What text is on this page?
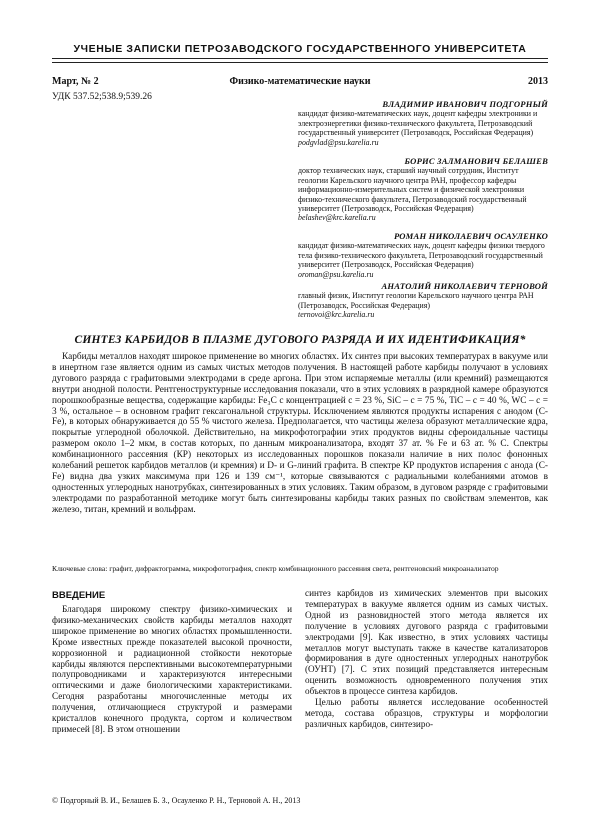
УЧЕНЫЕ ЗАПИСКИ ПЕТРОЗАВОДСКОГО ГОСУДАРСТВЕННОГО УНИВЕРСИТЕТА
Март, № 2	Физико-математические науки	2013
УДК 537.52;538.9;539.26
ВЛАДИМИР ИВАНОВИЧ ПОДГОРНЫЙ
кандидат физико-математических наук, доцент кафедры электроники и электроэнергетики физико-технического факультета, Петрозаводский государственный университет (Петрозаводск, Российская Федерация)
podgvlad@psu.karelia.ru
БОРИС ЗАЛМАНОВИЧ БЕЛАШЕВ
доктор технических наук, старший научный сотрудник, Институт геологии Карельского научного центра РАН, профессор кафедры информационно-измерительных систем и физической электроники физико-технического факультета, Петрозаводский государственный университет (Петрозаводск, Российская Федерация)
belashev@krc.karelia.ru
РОМАН НИКОЛАЕВИЧ ОСАУЛЕНКО
кандидат физико-математических наук, доцент кафедры физики твердого тела физико-технического факультета, Петрозаводский государственный университет (Петрозаводск, Российская Федерация)
oroman@psu.karelia.ru
АНАТОЛИЙ НИКОЛАЕВИЧ ТЕРНОВОЙ
главный физик, Институт геологии Карельского научного центра РАН (Петрозаводск, Российская Федерация)
ternovoi@krc.karelia.ru
СИНТЕЗ КАРБИДОВ В ПЛАЗМЕ ДУГОВОГО РАЗРЯДА И ИХ ИДЕНТИФИКАЦИЯ*
Карбиды металлов находят широкое применение во многих областях. Их синтез при высоких температурах в вакууме или в инертном газе является одним из самых чистых методов получения. В настоящей работе карбиды получают в условиях дугового разряда с графитовыми электродами в среде аргона. При этом испаряемые металлы (или кремний) размещаются внутри анодной полости. Рентгеноструктурные исследования показали, что в этих условиях в разрядной камере образуются порошкообразные вещества, содержащие карбиды: Fe₃C с концентрацией c = 23 %, SiC – c = 75 %, TiC – c = 40 %, WC – c = 3 %, остальное – в основном графит гексагональной структуры. Исключением являются продукты испарения с анодом (C-Fe), в которых обнаруживается до 55 % чистого железа. Предполагается, что частицы железа образуют металлические ядра, покрытые углеродной оболочкой. Действительно, на микрофотографии этих продуктов видны сфероидальные частицы размером около 1–2 мкм, в состав которых, по данным микроанализатора, входят 37 ат. % Fe и 63 ат. % C. Спектры комбинационного рассеяния (КР) некоторых из исследованных порошков показали наличие в них полос фононных колебаний решеток карбидов металлов (и кремния) и D- и G-линий графита. В спектре КР продуктов испарения с анода (C-Fe) видна два узких максимума при 126 и 139 см⁻¹, которые связываются с радиальными колебаниями атомов в одностенных углеродных нанотрубках, синтезированных в этих условиях. Таким образом, в дуговом разряде с графитовыми электродами по разработанной методике могут быть синтезированы карбиды таких разных по свойствам элементов, как железо, титан, кремний и вольфрам.
Ключевые слова: графит, дифрактограмма, микрофотография, спектр комбинационного рассеяния света, рентгеновский микроанализатор
ВВЕДЕНИЕ
Благодаря широкому спектру физико-химических и физико-механических свойств карбиды металлов находят широкое применение во многих областях промышленности. Кроме известных прежде показателей высокой прочности, коррозионной и радиационной стойкости некоторые карбиды являются перспективными высокотемпературными полупроводниками и характеризуются интересными оптическими и даже биологическими характеристиками. Сегодня разработаны многочисленные методы их получения, отличающиеся структурой и размерами кристаллов конечного продукта, сортом и количеством примесей [8]. В этом отношении

синтез карбидов из химических элементов при высоких температурах в вакууме является одним из самых чистых. Одной из разновидностей этого метода является их получение в условиях дугового разряда с графитовыми электродами [9]. Как известно, в этих условиях частицы металлов могут выступать также в качестве катализаторов формирования в дуге одностенных углеродных нанотрубок (ОУНТ) [7]. С этих позиций представляется интересным оценить возможность одновременного получения этих объектов в процессе синтеза карбидов.

Целью работы является исследование особенностей метода, состава образцов, структуры и морфологии различных карбидов, синтезиро-

© Подгорный В. И., Белашев Б. З., Осауленко Р. Н., Терновой А. Н., 2013
